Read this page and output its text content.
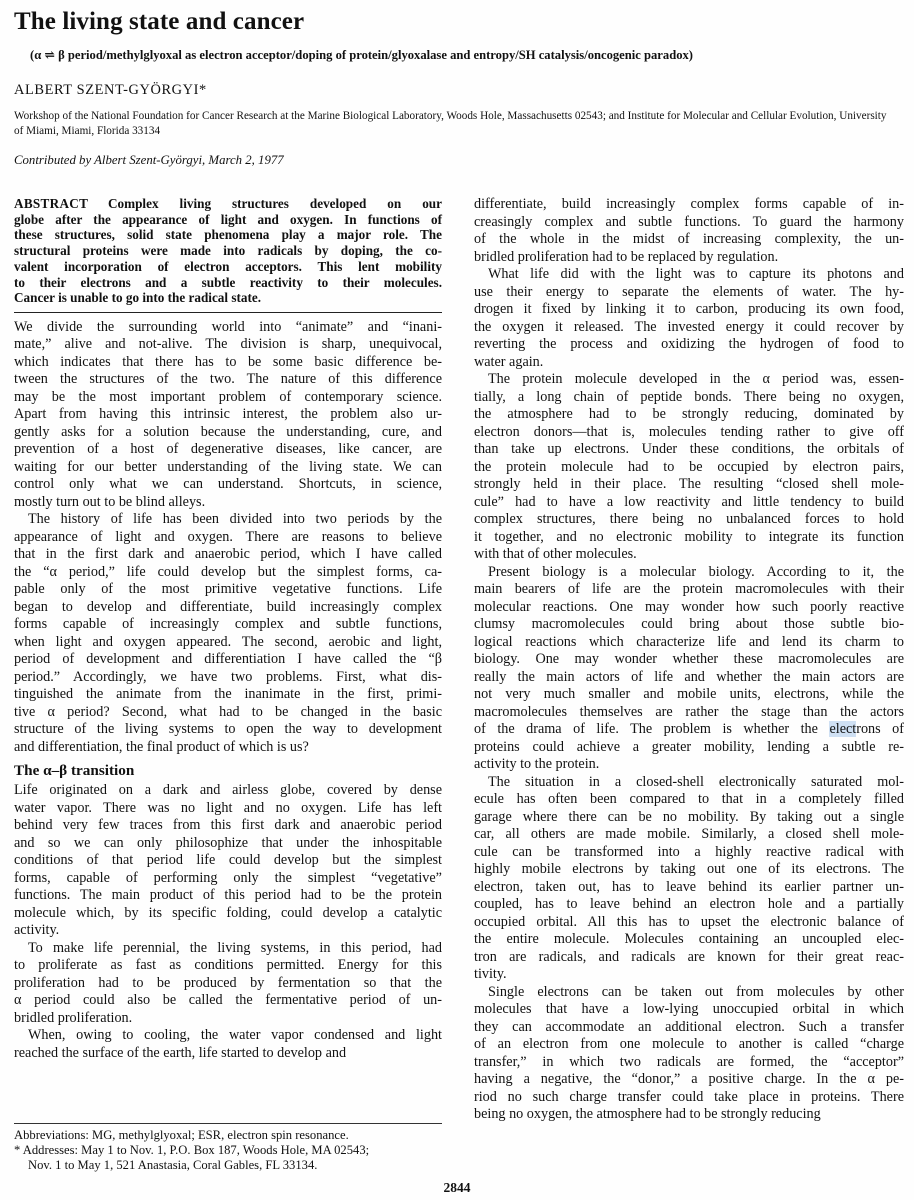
The living state and cancer

(α ⇌ β period/methylglyoxal as electron acceptor/doping of protein/glyoxalase and entropy/SH catalysis/oncogenic paradox)

ALBERT SZENT-GYÖRGYI*

Workshop of the National Foundation for Cancer Research at the Marine Biological Laboratory, Woods Hole, Massachusetts 02543; and Institute for Molecular and Cellular Evolution, University of Miami, Miami, Florida 33134

Contributed by Albert Szent-Györgyi, March 2, 1977

ABSTRACT   Complex living structures developed on our
globe after the appearance of light and oxygen. In functions of
these structures, solid state phenomena play a major role. The
structural proteins were made into radicals by doping, the co-
valent incorporation of electron acceptors. This lent mobility
to their electrons and a subtle reactivity to their molecules.
Cancer is unable to go into the radical state.
We divide the surrounding world into “animate” and “inani-
mate,” alive and not-alive. The division is sharp, unequivocal,
which indicates that there has to be some basic difference be-
tween the structures of the two. The nature of this difference
may be the most important problem of contemporary science.
Apart from having this intrinsic interest, the problem also ur-
gently asks for a solution because the understanding, cure, and
prevention of a host of degenerative diseases, like cancer, are
waiting for our better understanding of the living state. We can
control only what we can understand. Shortcuts, in science,
mostly turn out to be blind alleys.
The history of life has been divided into two periods by the
appearance of light and oxygen. There are reasons to believe
that in the first dark and anaerobic period, which I have called
the “α period,” life could develop but the simplest forms, ca-
pable only of the most primitive vegetative functions. Life
began to develop and differentiate, build increasingly complex
forms capable of increasingly complex and subtle functions,
when light and oxygen appeared. The second, aerobic and light,
period of development and differentiation I have called the “β
period.” Accordingly, we have two problems. First, what dis-
tinguished the animate from the inanimate in the first, primi-
tive α period? Second, what had to be changed in the basic
structure of the living systems to open the way to development
and differentiation, the final product of which is us?
The α–β transition
Life originated on a dark and airless globe, covered by dense
water vapor. There was no light and no oxygen. Life has left
behind very few traces from this first dark and anaerobic period
and so we can only philosophize that under the inhospitable
conditions of that period life could develop but the simplest
forms, capable of performing only the simplest “vegetative”
functions. The main product of this period had to be the protein
molecule which, by its specific folding, could develop a catalytic
activity.
To make life perennial, the living systems, in this period, had
to proliferate as fast as conditions permitted. Energy for this
proliferation had to be produced by fermentation so that the
α period could also be called the fermentative period of un-
bridled proliferation.
When, owing to cooling, the water vapor condensed and light
reached the surface of the earth, life started to develop and
Abbreviations: MG, methylglyoxal; ESR, electron spin resonance.
* Addresses: May 1 to Nov. 1, P.O. Box 187, Woods Hole, MA 02543;
Nov. 1 to May 1, 521 Anastasia, Coral Gables, FL 33134.
differentiate, build increasingly complex forms capable of in-
creasingly complex and subtle functions. To guard the harmony
of the whole in the midst of increasing complexity, the un-
bridled proliferation had to be replaced by regulation.
What life did with the light was to capture its photons and
use their energy to separate the elements of water. The hy-
drogen it fixed by linking it to carbon, producing its own food,
the oxygen it released. The invested energy it could recover by
reverting the process and oxidizing the hydrogen of food to
water again.
The protein molecule developed in the α period was, essen-
tially, a long chain of peptide bonds. There being no oxygen,
the atmosphere had to be strongly reducing, dominated by
electron donors—that is, molecules tending rather to give off
than take up electrons. Under these conditions, the orbitals of
the protein molecule had to be occupied by electron pairs,
strongly held in their place. The resulting “closed shell mole-
cule” had to have a low reactivity and little tendency to build
complex structures, there being no unbalanced forces to hold
it together, and no electronic mobility to integrate its function
with that of other molecules.
Present biology is a molecular biology. According to it, the
main bearers of life are the protein macromolecules with their
molecular reactions. One may wonder how such poorly reactive
clumsy macromolecules could bring about those subtle bio-
logical reactions which characterize life and lend its charm to
biology. One may wonder whether these macromolecules are
really the main actors of life and whether the main actors are
not very much smaller and mobile units, electrons, while the
macromolecules themselves are rather the stage than the actors
of the drama of life. The problem is whether the electrons of
proteins could achieve a greater mobility, lending a subtle re-
activity to the protein.
The situation in a closed-shell electronically saturated mol-
ecule has often been compared to that in a completely filled
garage where there can be no mobility. By taking out a single
car, all others are made mobile. Similarly, a closed shell mole-
cule can be transformed into a highly reactive radical with
highly mobile electrons by taking out one of its electrons. The
electron, taken out, has to leave behind its earlier partner un-
coupled, has to leave behind an electron hole and a partially
occupied orbital. All this has to upset the electronic balance of
the entire molecule. Molecules containing an uncoupled elec-
tron are radicals, and radicals are known for their great reac-
tivity.
Single electrons can be taken out from molecules by other
molecules that have a low-lying unoccupied orbital in which
they can accommodate an additional electron. Such a transfer
of an electron from one molecule to another is called “charge
transfer,” in which two radicals are formed, the “acceptor”
having a negative, the “donor,” a positive charge. In the α pe-
riod no such charge transfer could take place in proteins. There
being no oxygen, the atmosphere had to be strongly reducing

2844
